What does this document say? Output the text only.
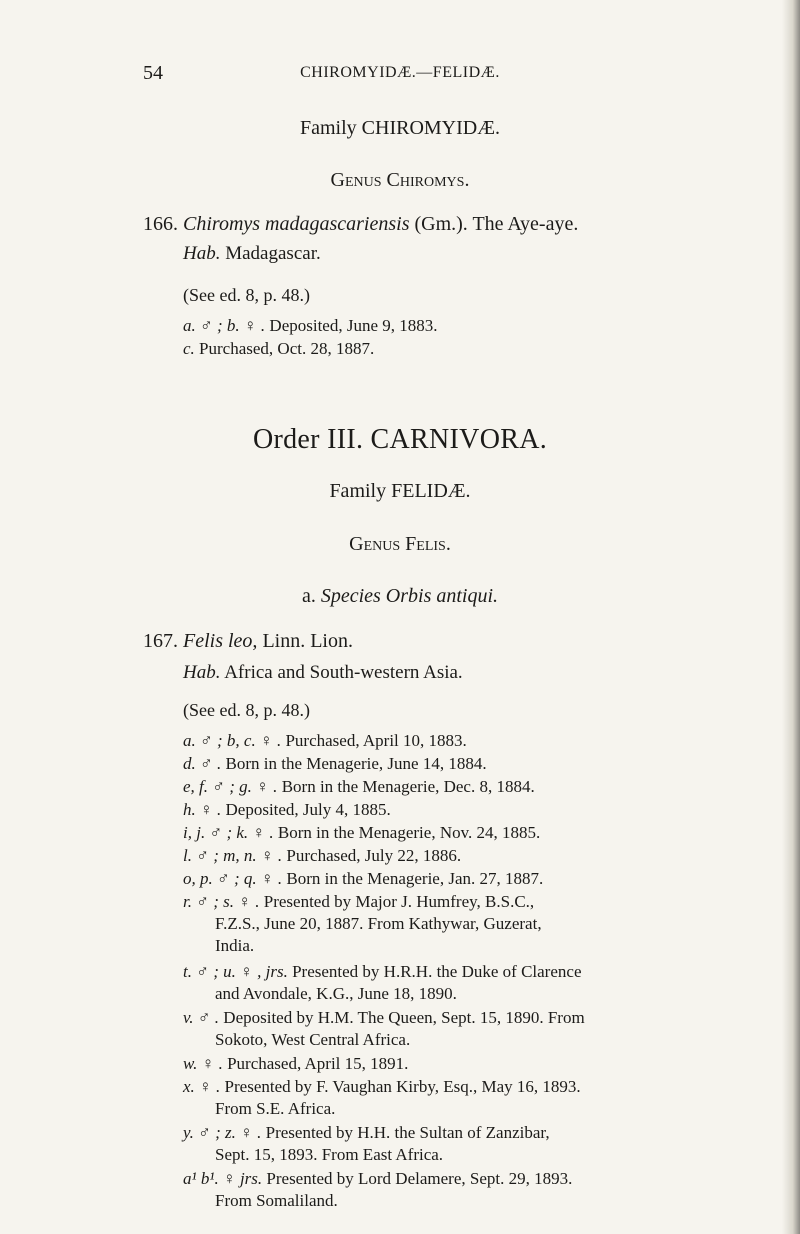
54	CHIROMYIDÆ.—FELIDÆ.
Family CHIROMYIDÆ.
Genus Chiromys.
166. Chiromys madagascariensis (Gm.). The Aye-aye.
Hab. Madagascar.
(See ed. 8, p. 48.)
a. ♂ ; b. ♀ . Deposited, June 9, 1883.
c. Purchased, Oct. 28, 1887.
Order III. CARNIVORA.
Family FELIDÆ.
Genus Felis.
a. Species Orbis antiqui.
167. Felis leo, Linn. Lion.
Hab. Africa and South-western Asia.
(See ed. 8, p. 48.)
a. ♂ ; b, c. ♀ . Purchased, April 10, 1883.
d. ♂ . Born in the Menagerie, June 14, 1884.
e, f. ♂ ; g. ♀ . Born in the Menagerie, Dec. 8, 1884.
h. ♀ . Deposited, July 4, 1885.
i, j. ♂ ; k. ♀ . Born in the Menagerie, Nov. 24, 1885.
l. ♂ ; m, n. ♀ . Purchased, July 22, 1886.
o, p. ♂ ; q. ♀ . Born in the Menagerie, Jan. 27, 1887.
r. ♂ ; s. ♀ . Presented by Major J. Humfrey, B.S.C.,
F.Z.S., June 20, 1887. From Kathywar, Guzerat,
India.
t. ♂ ; u. ♀ , jrs. Presented by H.R.H. the Duke of Clarence
and Avondale, K.G., June 18, 1890.
v. ♂ . Deposited by H.M. The Queen, Sept. 15, 1890. From
Sokoto, West Central Africa.
w. ♀ . Purchased, April 15, 1891.
x. ♀ . Presented by F. Vaughan Kirby, Esq., May 16, 1893.
From S.E. Africa.
y. ♂ ; z. ♀ . Presented by H.H. the Sultan of Zanzibar,
Sept. 15, 1893. From East Africa.
a¹ b¹. ♀ jrs. Presented by Lord Delamere, Sept. 29, 1893.
From Somaliland.
